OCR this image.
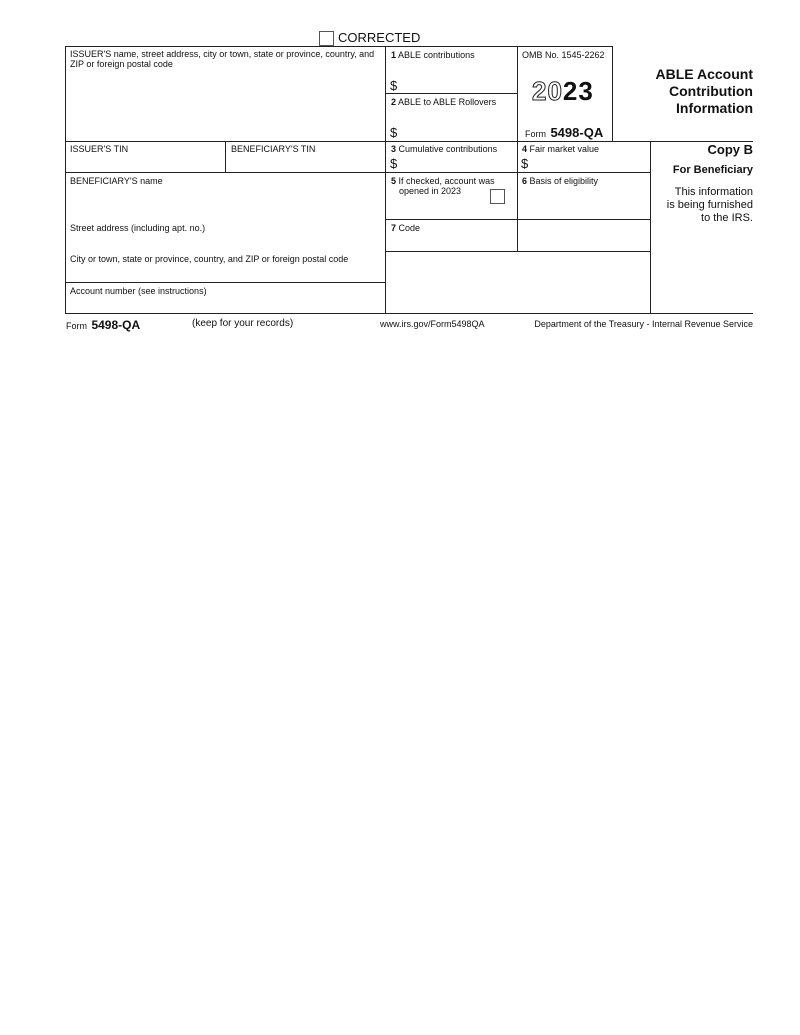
CORRECTED
ISSUER'S name, street address, city or town, state or province, country, and ZIP or foreign postal code
1 ABLE contributions
$
OMB No. 1545-2262
2023
Form 5498-QA
2 ABLE to ABLE Rollovers
$
ABLE Account
Contribution
Information
ISSUER'S TIN	BENEFICIARY'S TIN	3 Cumulative contributions
$
4 Fair market value
$
Copy B
For Beneficiary
This information
is being furnished
to the IRS.
BENEFICIARY'S name
Street address (including apt. no.)
City or town, state or province, country, and ZIP or foreign postal code
Account number (see instructions)
5 If checked, account was
opened in 2023
6 Basis of eligibility
7 Code
Form 5498-QA	(keep for your records)	www.irs.gov/Form5498QA	Department of the Treasury - Internal Revenue Service
